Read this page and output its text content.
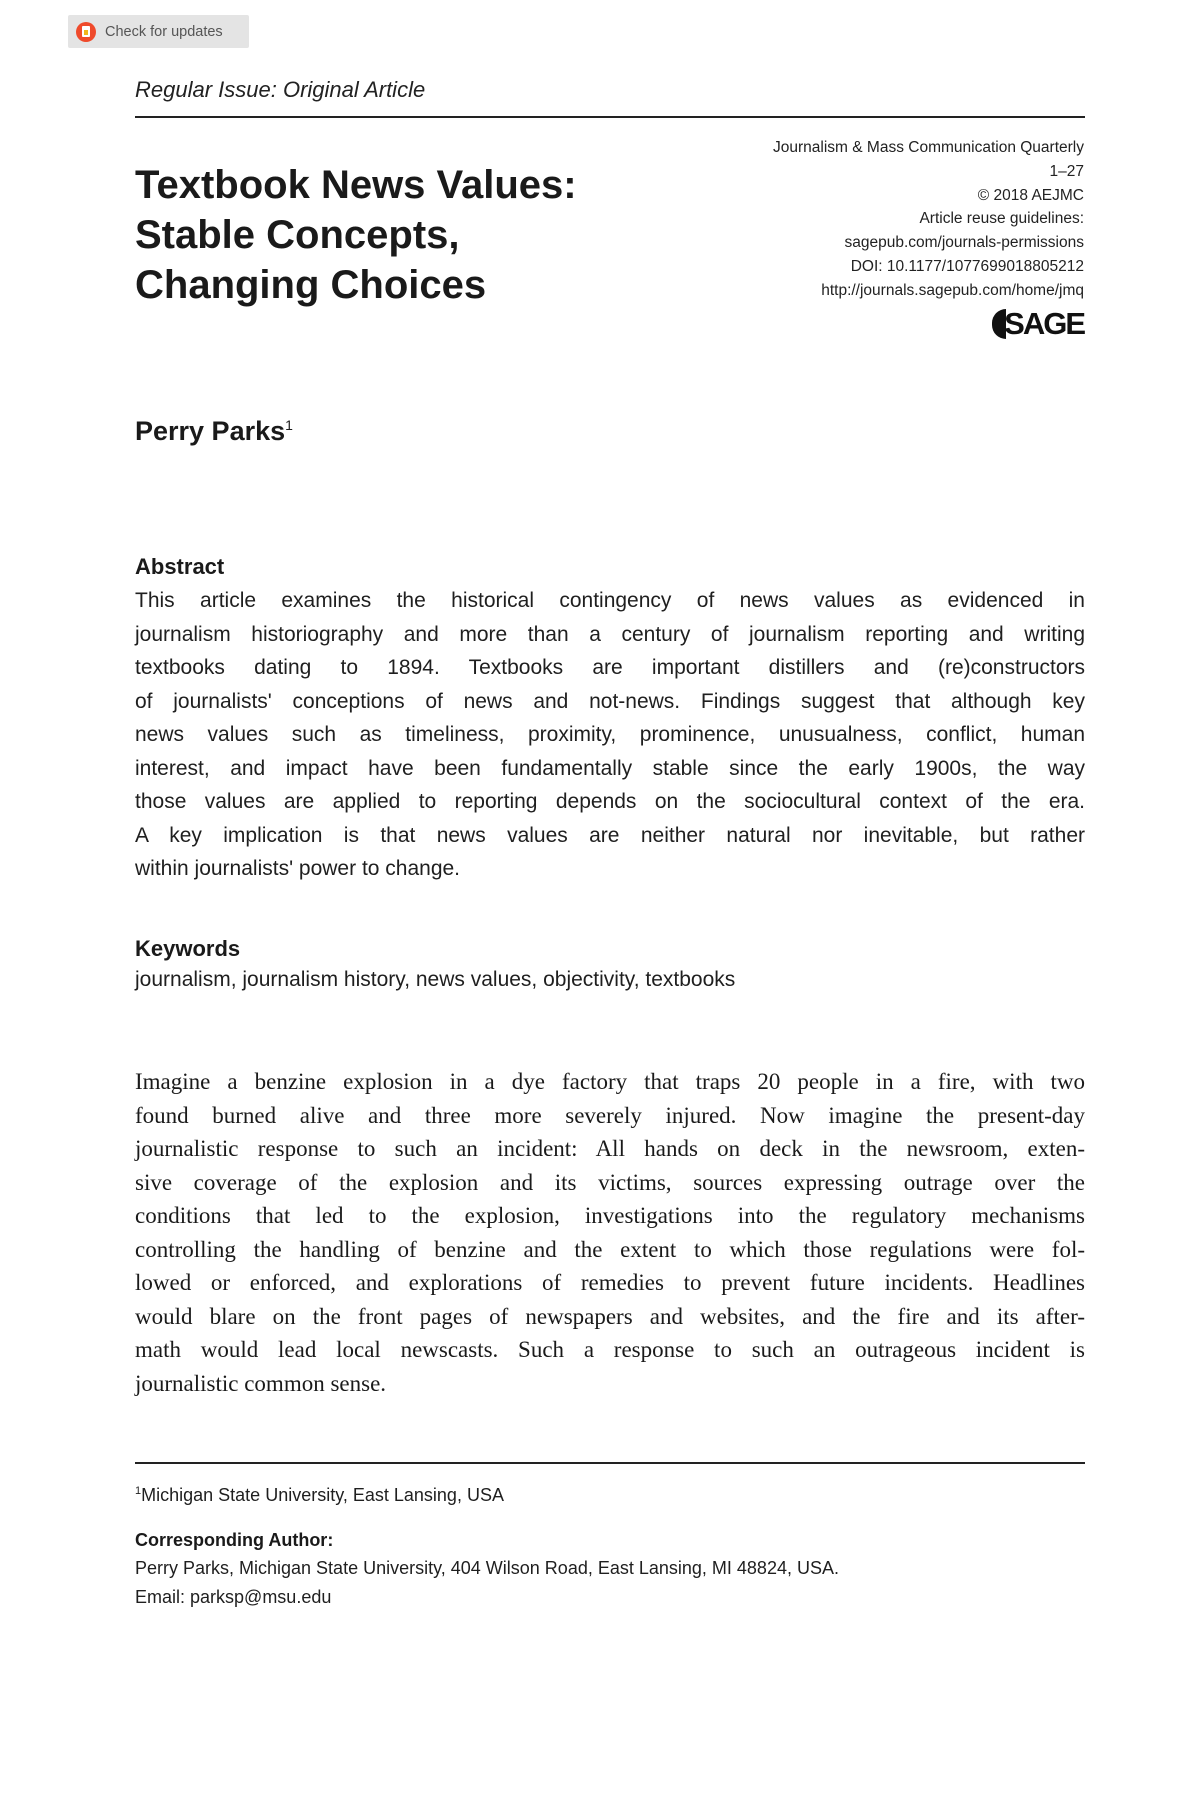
Check for updates
Regular Issue: Original Article
Textbook News Values:
Stable Concepts,
Changing Choices
Journalism & Mass Communication Quarterly
1–27
© 2018 AEJMC
Article reuse guidelines:
sagepub.com/journals-permissions
DOI: 10.1177/1077699018805212
http://journals.sagepub.com/home/jmq
SAGE
Perry Parks$^1$
Abstract
This article examines the historical contingency of news values as evidenced in
journalism historiography and more than a century of journalism reporting and writing
textbooks dating to 1894. Textbooks are important distillers and (re)constructors
of journalists' conceptions of news and not-news. Findings suggest that although key
news values such as timeliness, proximity, prominence, unusualness, conflict, human
interest, and impact have been fundamentally stable since the early 1900s, the way
those values are applied to reporting depends on the sociocultural context of the era.
A key implication is that news values are neither natural nor inevitable, but rather
within journalists' power to change.
Keywords
journalism, journalism history, news values, objectivity, textbooks
Imagine a benzine explosion in a dye factory that traps 20 people in a fire, with two
found burned alive and three more severely injured. Now imagine the present-day
journalistic response to such an incident: All hands on deck in the newsroom, exten-
sive coverage of the explosion and its victims, sources expressing outrage over the
conditions that led to the explosion, investigations into the regulatory mechanisms
controlling the handling of benzine and the extent to which those regulations were fol-
lowed or enforced, and explorations of remedies to prevent future incidents. Headlines
would blare on the front pages of newspapers and websites, and the fire and its after-
math would lead local newscasts. Such a response to such an outrageous incident is
journalistic common sense.
$^1$Michigan State University, East Lansing, USA
Corresponding Author:
Perry Parks, Michigan State University, 404 Wilson Road, East Lansing, MI 48824, USA.
Email: parksp@msu.edu
